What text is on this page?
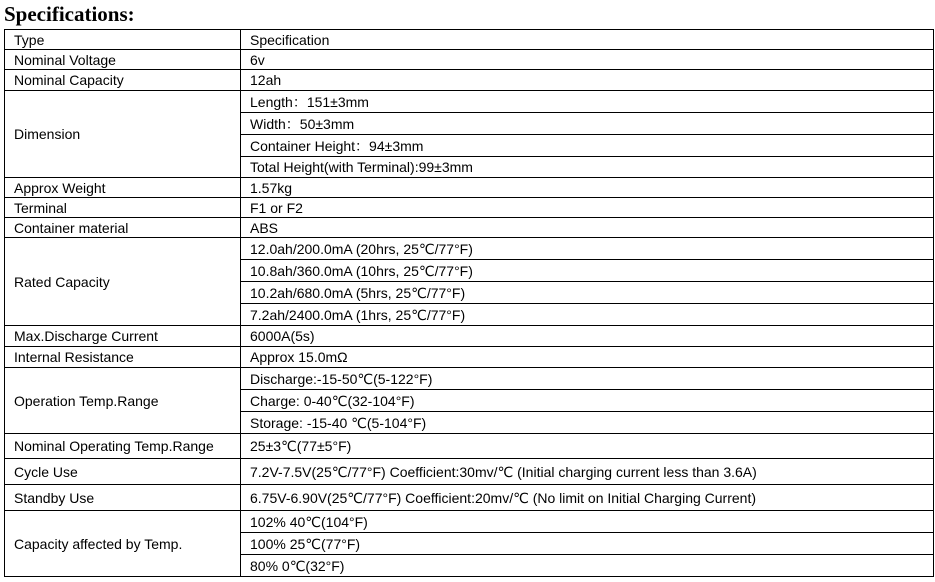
Specifications:
Type	Specification
Nominal Voltage	6v
Nominal Capacity	12ah
Dimension	Length：151±3mm
	Width：50±3mm
	Container Height：94±3mm
	Total Height(with Terminal):99±3mm
Approx Weight	1.57kg
Terminal	F1 or F2
Container material	ABS
Rated Capacity	12.0ah/200.0mA (20hrs, 25℃/77°F)
	10.8ah/360.0mA (10hrs, 25℃/77°F)
	10.2ah/680.0mA (5hrs, 25℃/77°F)
	7.2ah/2400.0mA (1hrs, 25℃/77°F)
Max.Discharge Current	6000A(5s)
Internal Resistance	Approx 15.0mΩ
Operation Temp.Range	Discharge:-15-50℃(5-122°F)
	Charge: 0-40℃(32-104°F)
	Storage: -15-40 ℃(5-104°F)
Nominal Operating Temp.Range	25±3℃(77±5°F)
Cycle Use	7.2V-7.5V(25℃/77°F) Coefficient:30mv/℃ (Initial charging current less than 3.6A)
Standby Use	6.75V-6.90V(25℃/77°F) Coefficient:20mv/℃ (No limit on Initial Charging Current)
Capacity affected by Temp.	102% 40℃(104°F)
	100% 25℃(77°F)
	80% 0℃(32°F)
